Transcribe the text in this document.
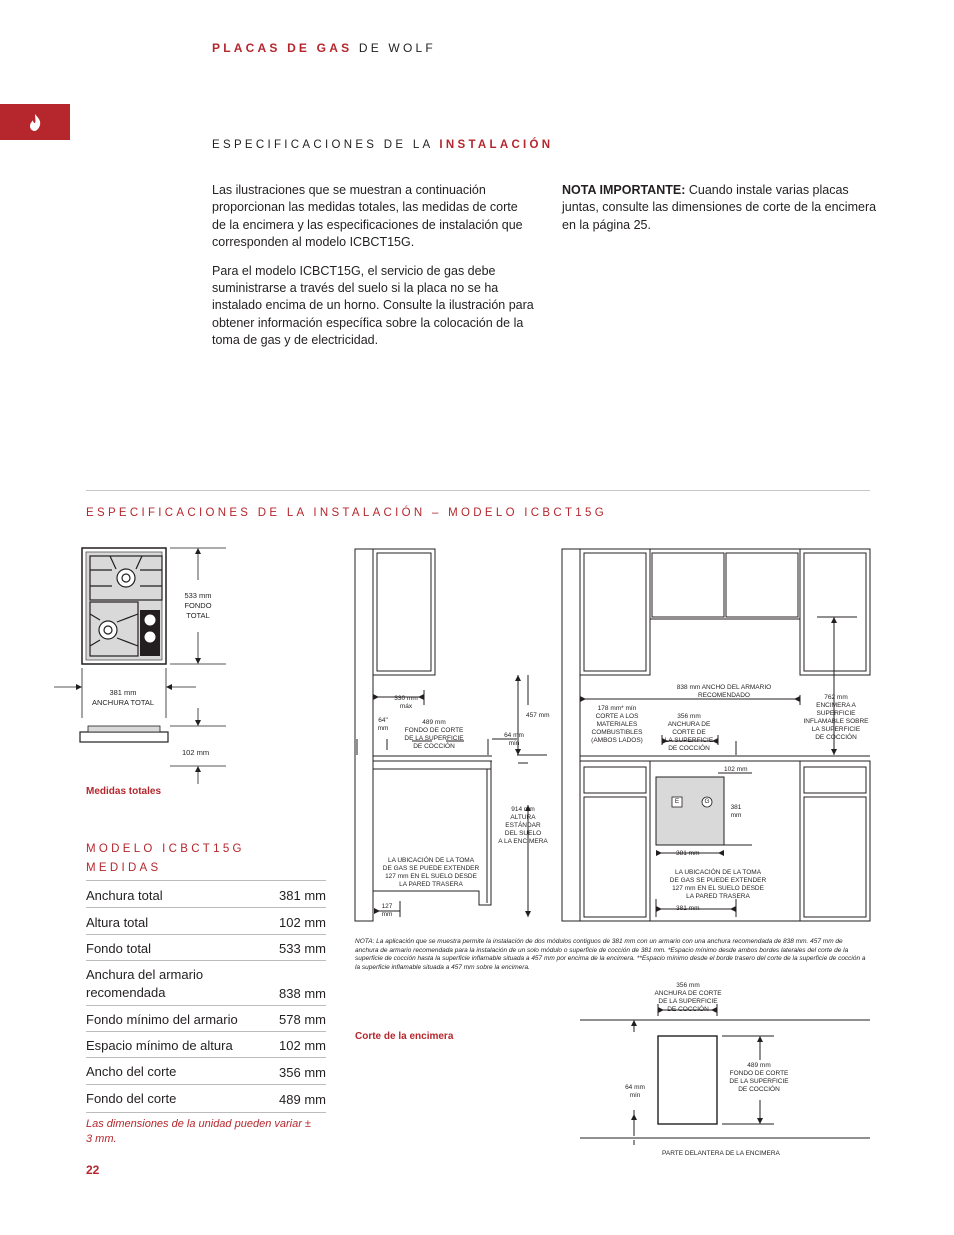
PLACAS DE GAS DE WOLF
ESPECIFICACIONES DE LA INSTALACIÓN

Las ilustraciones que se muestran a continuación proporcionan las medidas totales, las medidas de corte de la encimera y las especificaciones de instalación que corresponden al modelo ICBCT15G.

Para el modelo ICBCT15G, el servicio de gas debe suministrarse a través del suelo si la placa no se ha instalado encima de un horno. Consulte la ilustración para obtener información específica sobre la colocación de la toma de gas y de electricidad.

NOTA IMPORTANTE: Cuando instale varias placas juntas, consulte las dimensiones de corte de la encimera en la página 25.
ESPECIFICACIONES DE LA INSTALACIÓN – MODELO ICBCT15G
533 mm
FONDO
TOTAL
381 mm
ANCHURA TOTAL
102 mm
Medidas totales
MODELO ICBCT15G
MEDIDAS
Anchura total	381 mm
Altura total	102 mm
Fondo total	533 mm
Anchura del armario
recomendada	838 mm
Fondo mínimo del armario	578 mm
Espacio mínimo de altura	102 mm
Ancho del corte	356 mm
Fondo del corte	489 mm
Las dimensiones de la unidad pueden variar ± 3 mm.
330 mm
máx
64"
mm
489 mm
FONDO DE CORTE
DE LA SUPERFICIE
DE COCCIÓN
457 mm
64 mm
mín
914 mm
ALTURA
ESTÁNDAR
DEL SUELO
A LA ENCIMERA
LA UBICACIÓN DE LA TOMA
DE GAS SE PUEDE EXTENDER
127 mm EN EL SUELO DESDE
LA PARED TRASERA
127
mm
838 mm ANCHO DEL ARMARIO
RECOMENDADO
178 mm* mín
CORTE A LOS
MATERIALES
COMBUSTIBLES
(AMBOS LADOS)
356 mm
ANCHURA DE
CORTE DE
LA SUPERFICIE
DE COCCIÓN
762 mm
ENCIMERA A
SUPERFICIE
INFLAMABLE SOBRE
LA SUPERFICIE
DE COCCIÓN
102 mm
381
mm
381 mm
LA UBICACIÓN DE LA TOMA
DE GAS SE PUEDE EXTENDER
127 mm EN EL SUELO DESDE
LA PARED TRASERA
381 mm
E	G
NOTA: La aplicación que se muestra permite la instalación de dos módulos contiguos de 381 mm con un armario con una anchura recomendada de 838 mm. 457 mm de anchura de armario recomendada para la instalación de un solo módulo o superficie de cocción de 381 mm. *Espacio mínimo desde ambos bordes laterales del corte de la superficie de cocción hasta la superficie inflamable situada a 457 mm por encima de la encimera. **Espacio mínimo desde el borde trasero del corte de la superficie de cocción a la superficie inflamable situada a 457 mm sobre la encimera.
Corte de la encimera
356 mm
ANCHURA DE CORTE
DE LA SUPERFICIE
DE COCCIÓN
489 mm
FONDO DE CORTE
DE LA SUPERFICIE
DE COCCIÓN
64 mm
mín
PARTE DELANTERA DE LA ENCIMERA
22
